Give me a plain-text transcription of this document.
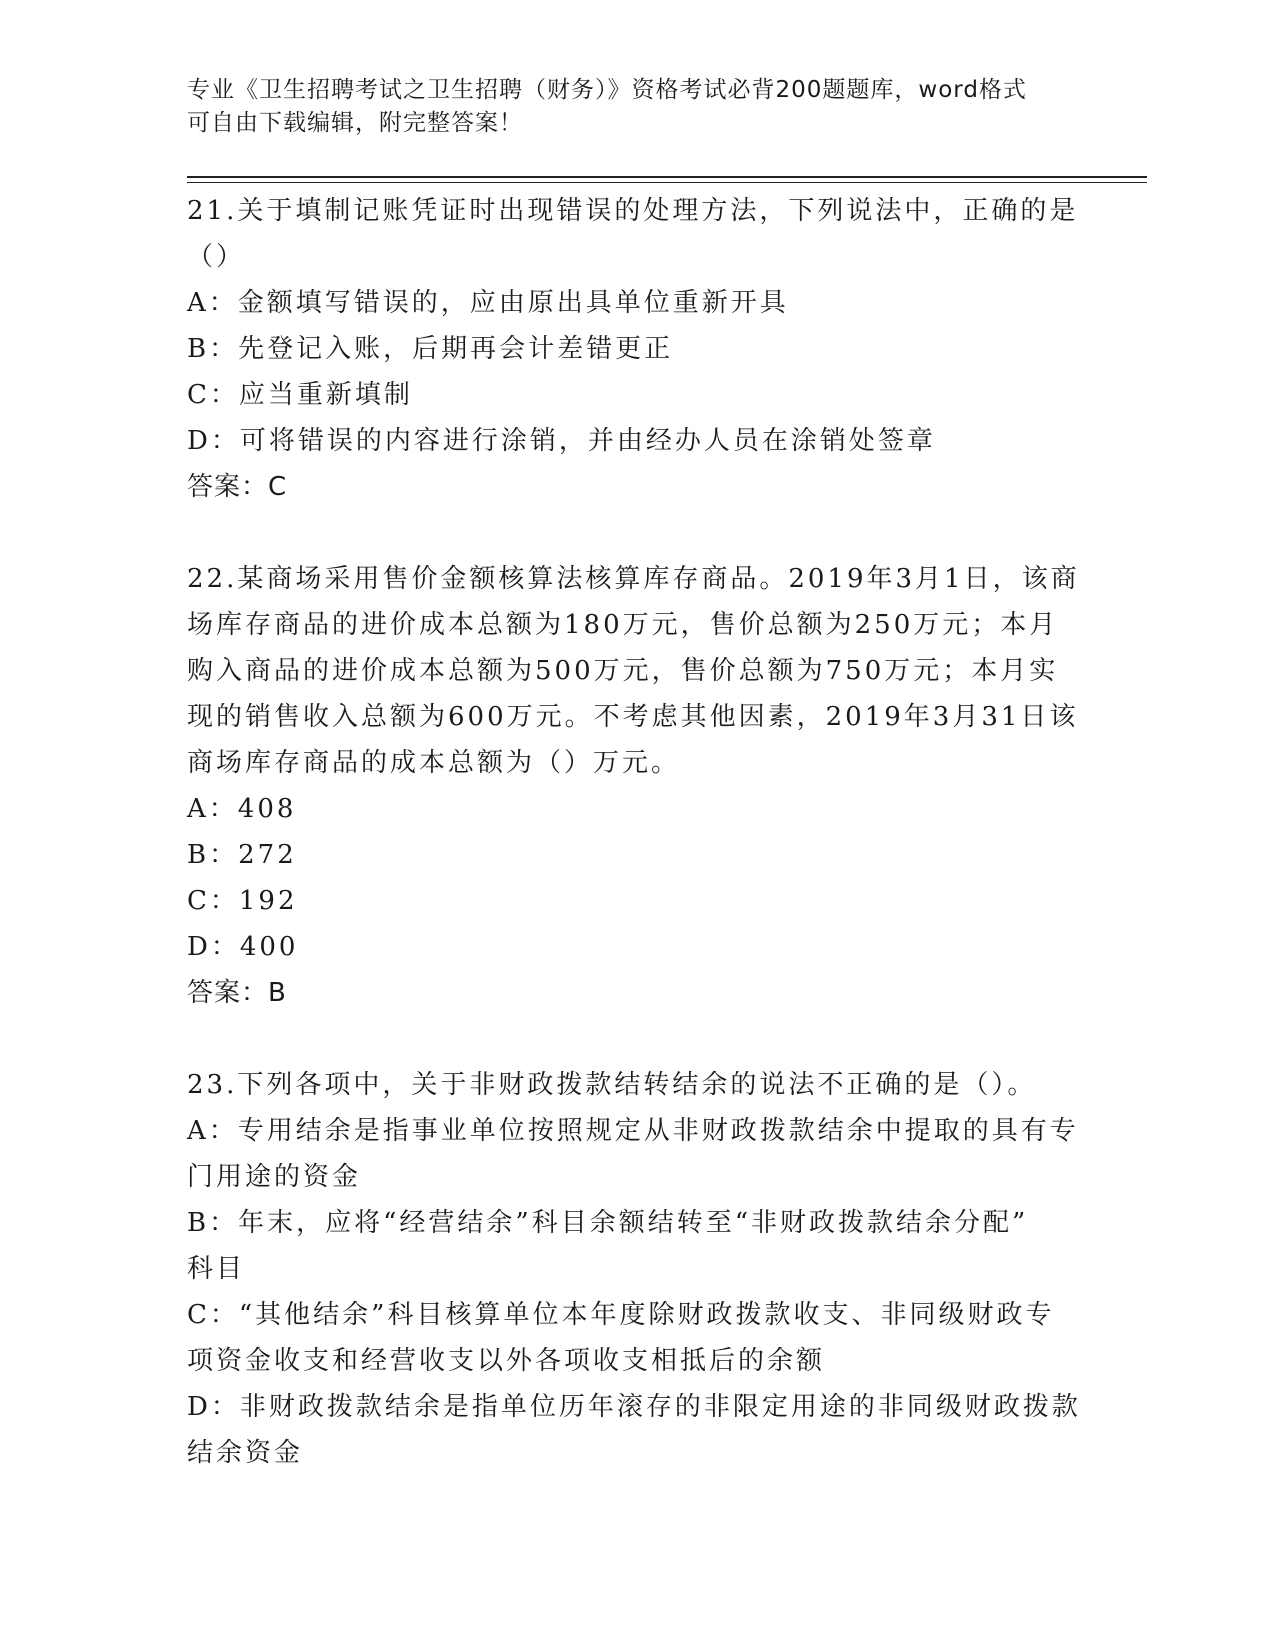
专业《卫生招聘考试之卫生招聘（财务）》资格考试必背200题题库，word格式
可自由下载编辑，附完整答案！
21.关于填制记账凭证时出现错误的处理方法，下列说法中，正确的是
（）
A：金额填写错误的，应由原出具单位重新开具
B：先登记入账，后期再会计差错更正
C：应当重新填制
D：可将错误的内容进行涂销，并由经办人员在涂销处签章
答案：C
22.某商场采用售价金额核算法核算库存商品。2019年3月1日，该商
场库存商品的进价成本总额为180万元，售价总额为250万元；本月
购入商品的进价成本总额为500万元，售价总额为750万元；本月实
现的销售收入总额为600万元。不考虑其他因素，2019年3月31日该
商场库存商品的成本总额为（）万元。
A：408
B：272
C：192
D：400
答案：B
23.下列各项中，关于非财政拨款结转结余的说法不正确的是（）。
A：专用结余是指事业单位按照规定从非财政拨款结余中提取的具有专
门用途的资金
B：年末，应将“经营结余”科目余额结转至“非财政拨款结余分配”
科目
C：“其他结余”科目核算单位本年度除财政拨款收支、非同级财政专
项资金收支和经营收支以外各项收支相抵后的余额
D：非财政拨款结余是指单位历年滚存的非限定用途的非同级财政拨款
结余资金
